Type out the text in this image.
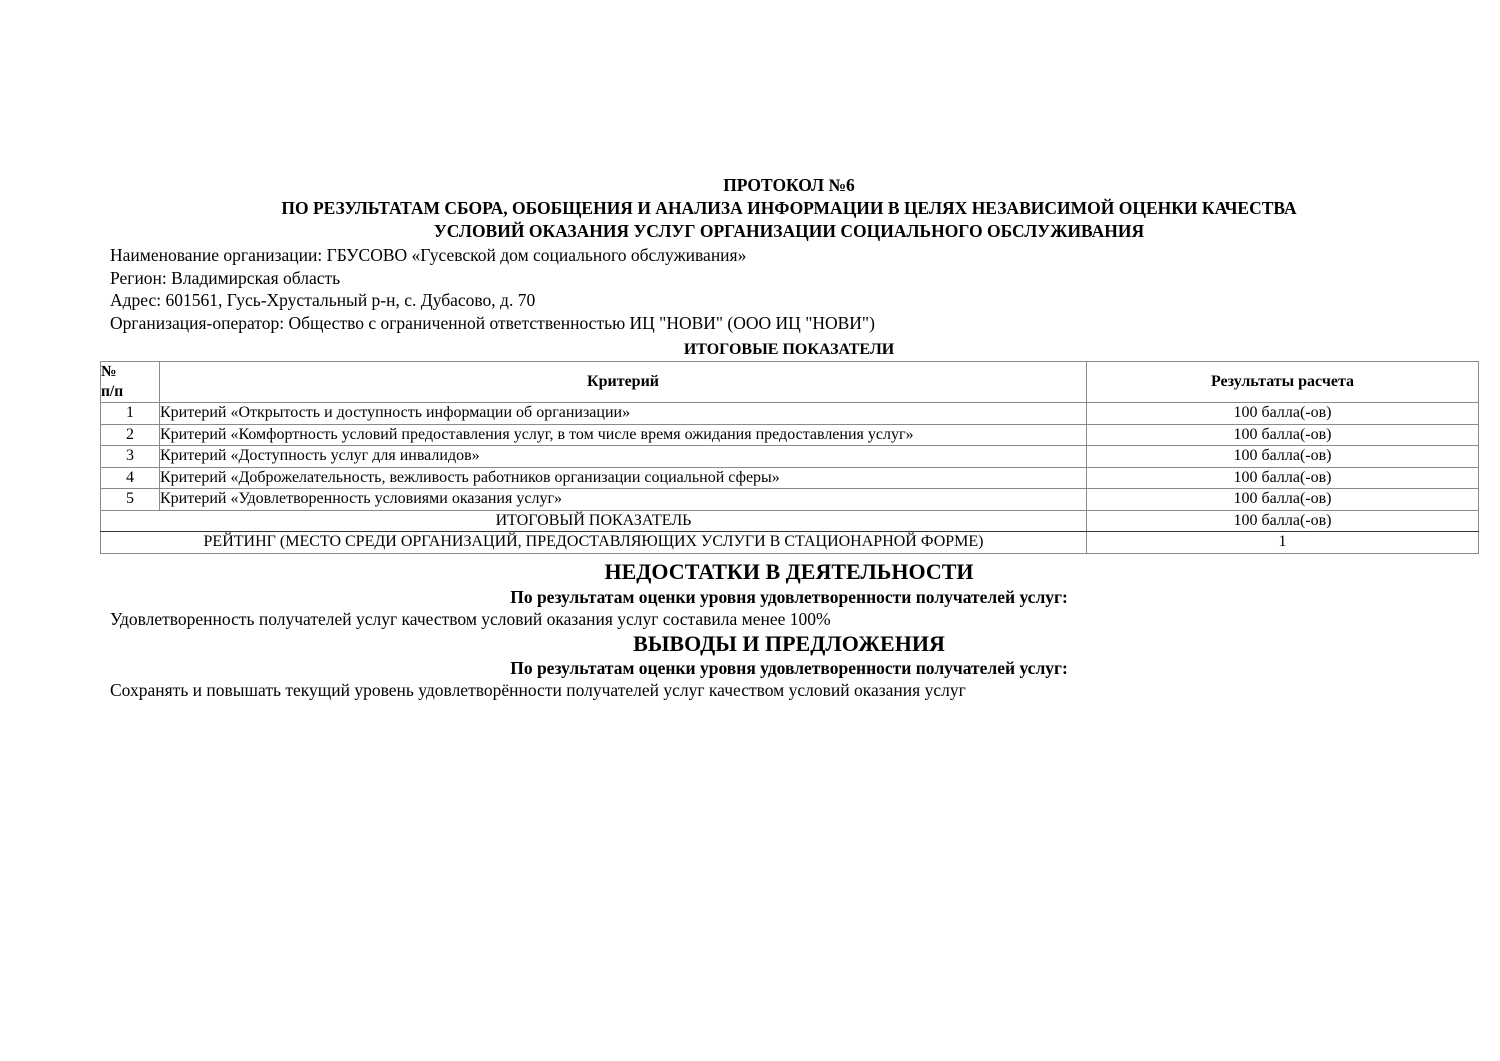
ПРОТОКОЛ №6
ПО РЕЗУЛЬТАТАМ СБОРА, ОБОБЩЕНИЯ И АНАЛИЗА ИНФОРМАЦИИ В ЦЕЛЯХ НЕЗАВИСИМОЙ ОЦЕНКИ КАЧЕСТВА
УСЛОВИЙ ОКАЗАНИЯ УСЛУГ ОРГАНИЗАЦИИ СОЦИАЛЬНОГО ОБСЛУЖИВАНИЯ
Наименование организации: ГБУСОВО «Гусевской дом социального обслуживания»
Регион: Владимирская область
Адрес: 601561, Гусь-Хрустальный р-н, с. Дубасово, д. 70
Организация-оператор: Общество с ограниченной ответственностью ИЦ "НОВИ" (ООО ИЦ "НОВИ")
ИТОГОВЫЕ ПОКАЗАТЕЛИ
№
п/п	Критерий	Результаты расчета
1	Критерий «Открытость и доступность информации об организации»	100 балла(-ов)
2	Критерий «Комфортность условий предоставления услуг, в том числе время ожидания предоставления услуг»	100 балла(-ов)
3	Критерий «Доступность услуг для инвалидов»	100 балла(-ов)
4	Критерий «Доброжелательность, вежливость работников организации социальной сферы»	100 балла(-ов)
5	Критерий «Удовлетворенность условиями оказания услуг»	100 балла(-ов)
ИТОГОВЫЙ ПОКАЗАТЕЛЬ		100 балла(-ов)
РЕЙТИНГ (МЕСТО СРЕДИ ОРГАНИЗАЦИЙ, ПРЕДОСТАВЛЯЮЩИХ УСЛУГИ В СТАЦИОНАРНОЙ ФОРМЕ)		1
НЕДОСТАТКИ В ДЕЯТЕЛЬНОСТИ
По результатам оценки уровня удовлетворенности получателей услуг:
Удовлетворенность получателей услуг качеством условий оказания услуг составила менее 100%
ВЫВОДЫ И ПРЕДЛОЖЕНИЯ
По результатам оценки уровня удовлетворенности получателей услуг:
Сохранять и повышать текущий уровень удовлетворённости получателей услуг качеством условий оказания услуг
